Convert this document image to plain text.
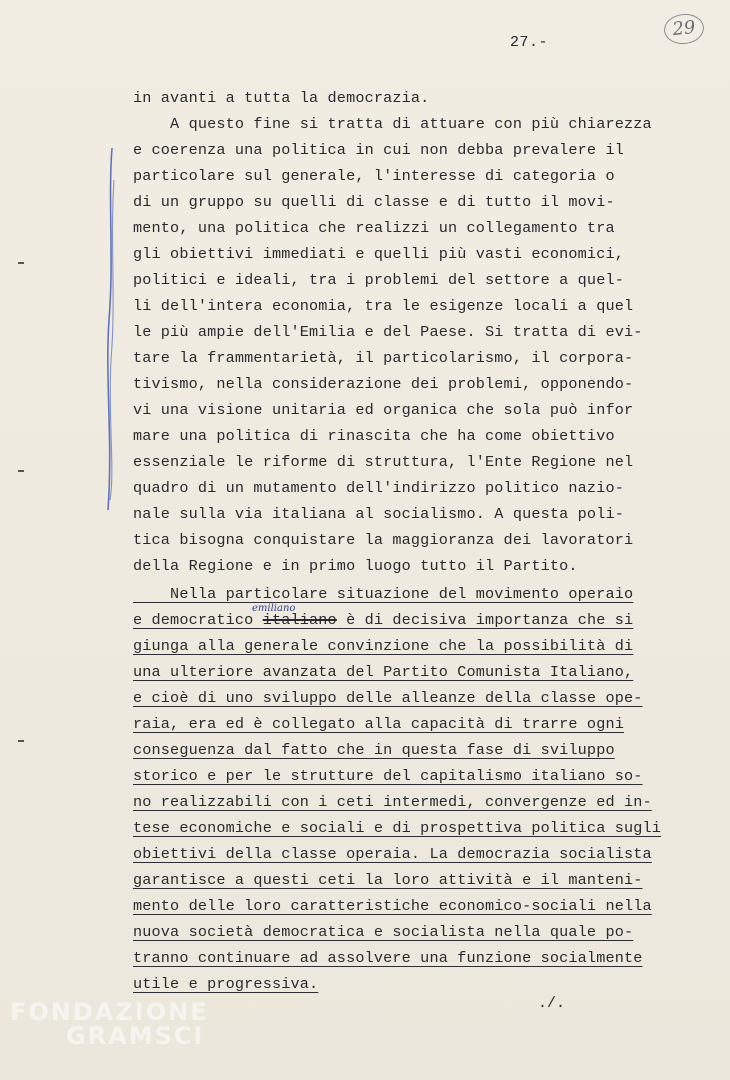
27.-
29
in avanti a tutta la democrazia.
A questo fine si tratta di attuare con più chiarezza
e coerenza una politica in cui non debba prevalere il
particolare sul generale, l'interesse di categoria o
di un gruppo su quelli di classe e di tutto il movi-
mento, una politica che realizzi un collegamento tra
gli obiettivi immediati e quelli più vasti economici,
politici e ideali, tra i problemi del settore a quel-
li dell'intera economia, tra le esigenze locali a quel
le più ampie dell'Emilia e del Paese. Si tratta di evi-
tare la frammentarietà, il particolarismo, il corpora-
tivismo, nella considerazione dei problemi, opponendo-
vi una visione unitaria ed organica che sola può infor
mare una politica di rinascita che ha come obiettivo
essenziale le riforme di struttura, l'Ente Regione nel
quadro di un mutamento dell'indirizzo politico nazio-
nale sulla via italiana al socialismo. A questa poli-
tica bisogna conquistare la maggioranza dei lavoratori
della Regione e in primo luogo tutto il Partito.
emiliano
Nella particolare situazione del movimento operaio
e democratico italiano è di decisiva importanza che si
giunga alla generale convinzione che la possibilità di
una ulteriore avanzata del Partito Comunista Italiano,
e cioè di uno sviluppo delle alleanze della classe ope-
raia, era ed è collegato alla capacità di trarre ogni
conseguenza dal fatto che in questa fase di sviluppo
storico e per le strutture del capitalismo italiano so-
no realizzabili con i ceti intermedi, convergenze ed in-
tese economiche e sociali e di prospettiva politica sugli
obiettivi della classe operaia. La democrazia socialista
garantisce a questi ceti la loro attività e il manteni-
mento delle loro caratteristiche economico-sociali nella
nuova società democratica e socialista nella quale po-
tranno continuare ad assolvere una funzione socialmente
utile e progressiva.
./.
FONDAZIONE
GRAMSCI
